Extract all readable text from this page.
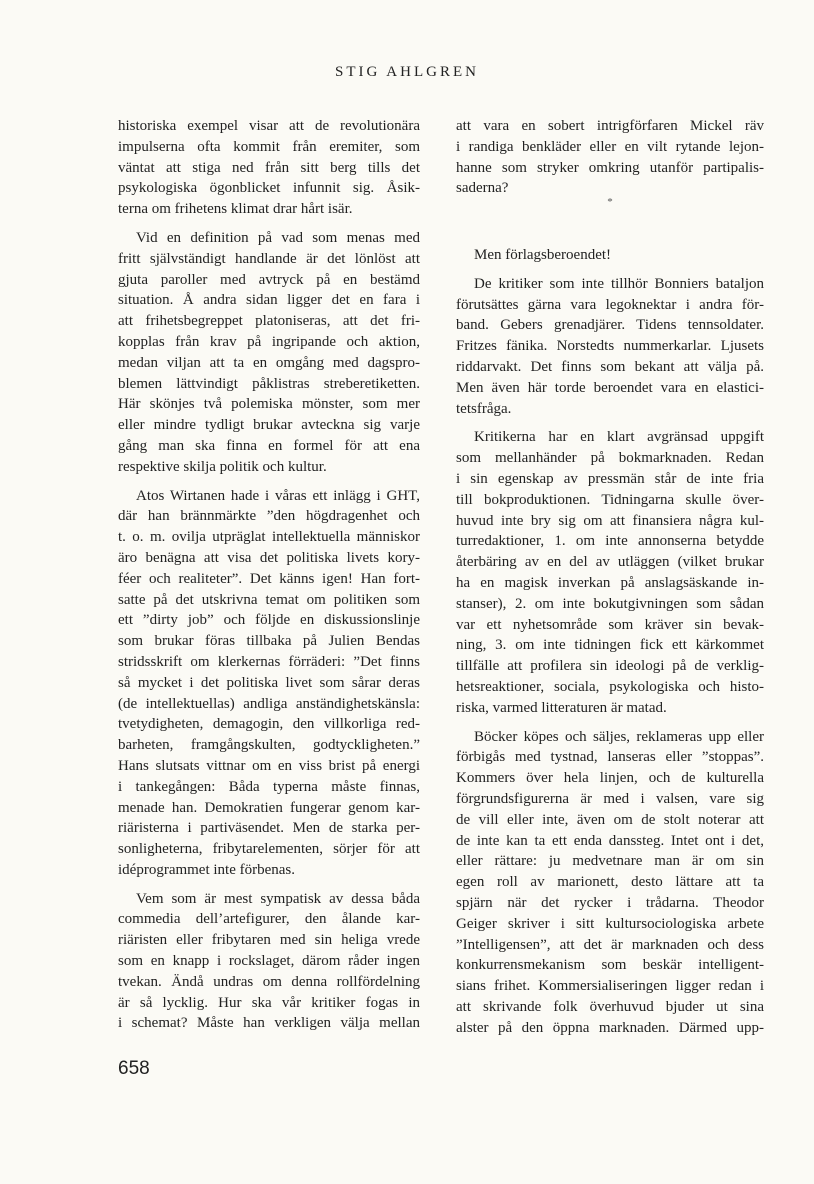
STIG AHLGREN
historiska exempel visar att de revolutionära
impulserna ofta kommit från eremiter, som
väntat att stiga ned från sitt berg tills det
psykologiska ögonblicket infunnit sig. Åsik-
terna om frihetens klimat drar hårt isär.
Vid en definition på vad som menas med
fritt självständigt handlande är det lönlöst att
gjuta paroller med avtryck på en bestämd
situation. Å andra sidan ligger det en fara i
att frihetsbegreppet platoniseras, att det fri-
kopplas från krav på ingripande och aktion,
medan viljan att ta en omgång med dagspro-
blemen lättvindigt påklistras streberetiketten.
Här skönjes två polemiska mönster, som mer
eller mindre tydligt brukar avteckna sig varje
gång man ska finna en formel för att ena
respektive skilja politik och kultur.
Atos Wirtanen hade i våras ett inlägg i GHT,
där han brännmärkte ”den högdragenhet och
t. o. m. ovilja utpräglat intellektuella människor
äro benägna att visa det politiska livets kory-
féer och realiteter”. Det känns igen! Han fort-
satte på det utskrivna temat om politiken som
ett ”dirty job” och följde en diskussionslinje
som brukar föras tillbaka på Julien Bendas
stridsskrift om klerkernas förräderi: ”Det finns
så mycket i det politiska livet som sårar deras
(de intellektuellas) andliga anständighetskänsla:
tvetydigheten, demagogin, den villkorliga red-
barheten, framgångskulten, godtyckligheten.”
Hans slutsats vittnar om en viss brist på energi
i tankegången: Båda typerna måste finnas,
menade han. Demokratien fungerar genom kar-
riäristerna i partiväsendet. Men de starka per-
sonligheterna, fribytarelementen, sörjer för att
idéprogrammet inte förbenas.
Vem som är mest sympatisk av dessa båda
commedia dell’artefigurer, den ålande kar-
riäristen eller fribytaren med sin heliga vrede
som en knapp i rockslaget, därom råder ingen
tvekan. Ändå undras om denna rollfördelning
är så lycklig. Hur ska vår kritiker fogas in
i schemat? Måste han verkligen välja mellan
att vara en sobert intrigförfaren Mickel räv
i randiga benkläder eller en vilt rytande lejon-
hanne som stryker omkring utanför partipalis-
saderna?
*
Men förlagsberoendet!
De kritiker som inte tillhör Bonniers bataljon
förutsättes gärna vara legoknektar i andra för-
band. Gebers grenadjärer. Tidens tennsoldater.
Fritzes fänika. Norstedts nummerkarlar. Ljusets
riddarvakt. Det finns som bekant att välja på.
Men även här torde beroendet vara en elastici-
tetsfråga.
Kritikerna har en klart avgränsad uppgift
som mellanhänder på bokmarknaden. Redan
i sin egenskap av pressmän står de inte fria
till bokproduktionen. Tidningarna skulle över-
huvud inte bry sig om att finansiera några kul-
turredaktioner, 1. om inte annonserna betydde
återbäring av en del av utläggen (vilket brukar
ha en magisk inverkan på anslagsäskande in-
stanser), 2. om inte bokutgivningen som sådan
var ett nyhetsområde som kräver sin bevak-
ning, 3. om inte tidningen fick ett kärkommet
tillfälle att profilera sin ideologi på de verklig-
hetsreaktioner, sociala, psykologiska och histo-
riska, varmed litteraturen är matad.
Böcker köpes och säljes, reklameras upp eller
förbigås med tystnad, lanseras eller ”stoppas”.
Kommers över hela linjen, och de kulturella
förgrundsfigurerna är med i valsen, vare sig
de vill eller inte, även om de stolt noterar att
de inte kan ta ett enda danssteg. Intet ont i det,
eller rättare: ju medvetnare man är om sin
egen roll av marionett, desto lättare att ta
spjärn när det rycker i trådarna. Theodor
Geiger skriver i sitt kultursociologiska arbete
”Intelligensen”, att det är marknaden och dess
konkurrensmekanism som beskär intelligent-
sians frihet. Kommersialiseringen ligger redan i
att skrivande folk överhuvud bjuder ut sina
alster på den öppna marknaden. Därmed upp-
658
